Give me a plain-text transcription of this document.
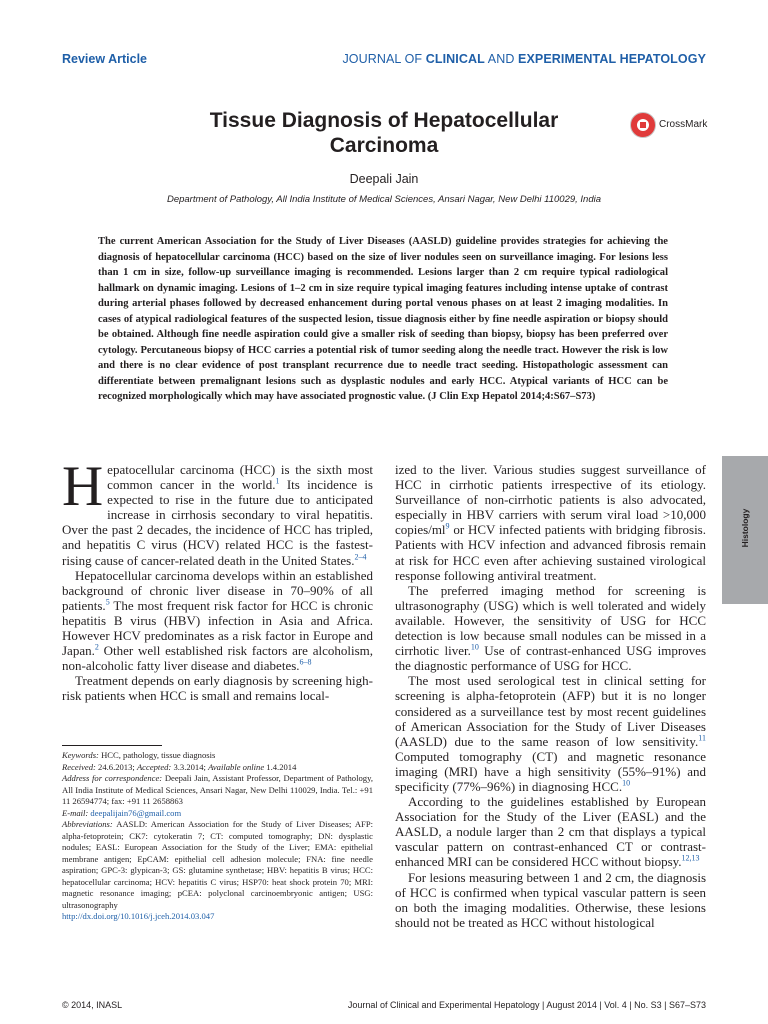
Review Article	JOURNAL OF CLINICAL AND EXPERIMENTAL HEPATOLOGY
Tissue Diagnosis of Hepatocellular
Carcinoma
CrossMark
Deepali Jain
Department of Pathology, All India Institute of Medical Sciences, Ansari Nagar, New Delhi 110029, India
The current American Association for the Study of Liver Diseases (AASLD) guideline provides strategies for achieving the diagnosis of hepatocellular carcinoma (HCC) based on the size of liver nodules seen on surveillance imaging. For lesions less than 1 cm in size, follow-up surveillance imaging is recommended. Lesions larger than 2 cm require typical radiological hallmark on dynamic imaging. Lesions of 1–2 cm in size require typical imaging features including intense uptake of contrast during arterial phases followed by decreased enhancement during portal venous phases on at least 2 imaging modalities. In cases of atypical radiological features of the suspected lesion, tissue diagnosis either by fine needle aspiration or biopsy should be obtained. Although fine needle aspiration could give a smaller risk of seeding than biopsy, biopsy has been preferred over cytology. Percutaneous biopsy of HCC carries a potential risk of tumor seeding along the needle tract. However the risk is low and there is no clear evidence of post transplant recurrence due to needle tract seeding. Histopathologic assessment can differentiate between premalignant lesions such as dysplastic nodules and early HCC. Atypical variants of HCC can be recognized morphologically which may have associated prognostic value. (J Clin Exp Hepatol 2014;4:S67–S73)

Hepatocellular carcinoma (HCC) is the sixth most common cancer in the world.$^1$ Its incidence is expected to rise in the future due to anticipated increase in cirrhosis secondary to viral hepatitis. Over the past 2 decades, the incidence of HCC has tripled, and hepatitis C virus (HCV) related HCC is the fastest-rising cause of cancer-related death in the United States.$^{2-4}$

Hepatocellular carcinoma develops within an established background of chronic liver disease in 70–90% of all patients.$^5$ The most frequent risk factor for HCC is chronic hepatitis B virus (HBV) infection in Asia and Africa. However HCV predominates as a risk factor in Europe and Japan.$^2$ Other well established risk factors are alcoholism, non-alcoholic fatty liver disease and diabetes.$^{6-8}$

Treatment depends on early diagnosis by screening high-risk patients when HCC is small and remains local-

ized to the liver. Various studies suggest surveillance of HCC in cirrhotic patients irrespective of its etiology. Surveillance of non-cirrhotic patients is also advocated, especially in HBV carriers with serum viral load >10,000 copies/ml$^9$ or HCV infected patients with bridging fibrosis. Patients with HCV infection and advanced fibrosis remain at risk for HCC even after achieving sustained virological response following antiviral treatment.

The preferred imaging method for screening is ultrasonography (USG) which is well tolerated and widely available. However, the sensitivity of USG for HCC detection is low because small nodules can be missed in a cirrhotic liver.$^{10}$ Use of contrast-enhanced USG improves the diagnostic performance of USG for HCC.

The most used serological test in clinical setting for screening is alpha-fetoprotein (AFP) but it is no longer considered as a surveillance test by most recent guidelines of American Association for the Study of Liver Diseases (AASLD) due to the same reason of low sensitivity.$^{11}$ Computed tomography (CT) and magnetic resonance imaging (MRI) have a high sensitivity (55%–91%) and specificity (77%–96%) in diagnosing HCC.$^{10}$

According to the guidelines established by European Association for the Study of the Liver (EASL) and the AASLD, a nodule larger than 2 cm that displays a typical vascular pattern on contrast-enhanced CT or contrast-enhanced MRI can be considered HCC without biopsy.$^{12,13}$

For lesions measuring between 1 and 2 cm, the diagnosis of HCC is confirmed when typical vascular pattern is seen on both the imaging modalities. Otherwise, these lesions should not be treated as HCC without histological

Keywords: HCC, pathology, tissue diagnosis

Received: 24.6.2013; Accepted: 3.3.2014; Available online 1.4.2014

Address for correspondence: Deepali Jain, Assistant Professor, Department of Pathology, All India Institute of Medical Sciences, Ansari Nagar, New Delhi 110029, India. Tel.: +91 11 26594774; fax: +91 11 2658863

E-mail: deepalijain76@gmail.com

Abbreviations: AASLD: American Association for the Study of Liver Diseases; AFP: alpha-fetoprotein; CK7: cytokeratin 7; CT: computed tomography; DN: dysplastic nodules; EASL: European Association for the Study of the Liver; EMA: epithelial membrane antigen; EpCAM: epithelial cell adhesion molecule; FNA: fine needle aspiration; GPC-3: glypican-3; GS: glutamine synthetase; HBV: hepatitis B virus; HCC: hepatocellular carcinoma; HCV: hepatitis C virus; HSP70: heat shock protein 70; MRI: magnetic resonance imaging; pCEA: polyclonal carcinoembryonic antigen; USG: ultrasonography

http://dx.doi.org/10.1016/j.jceh.2014.03.047

Histology
© 2014, INASL	Journal of Clinical and Experimental Hepatology | August 2014 | Vol. 4 | No. S3 | S67–S73
